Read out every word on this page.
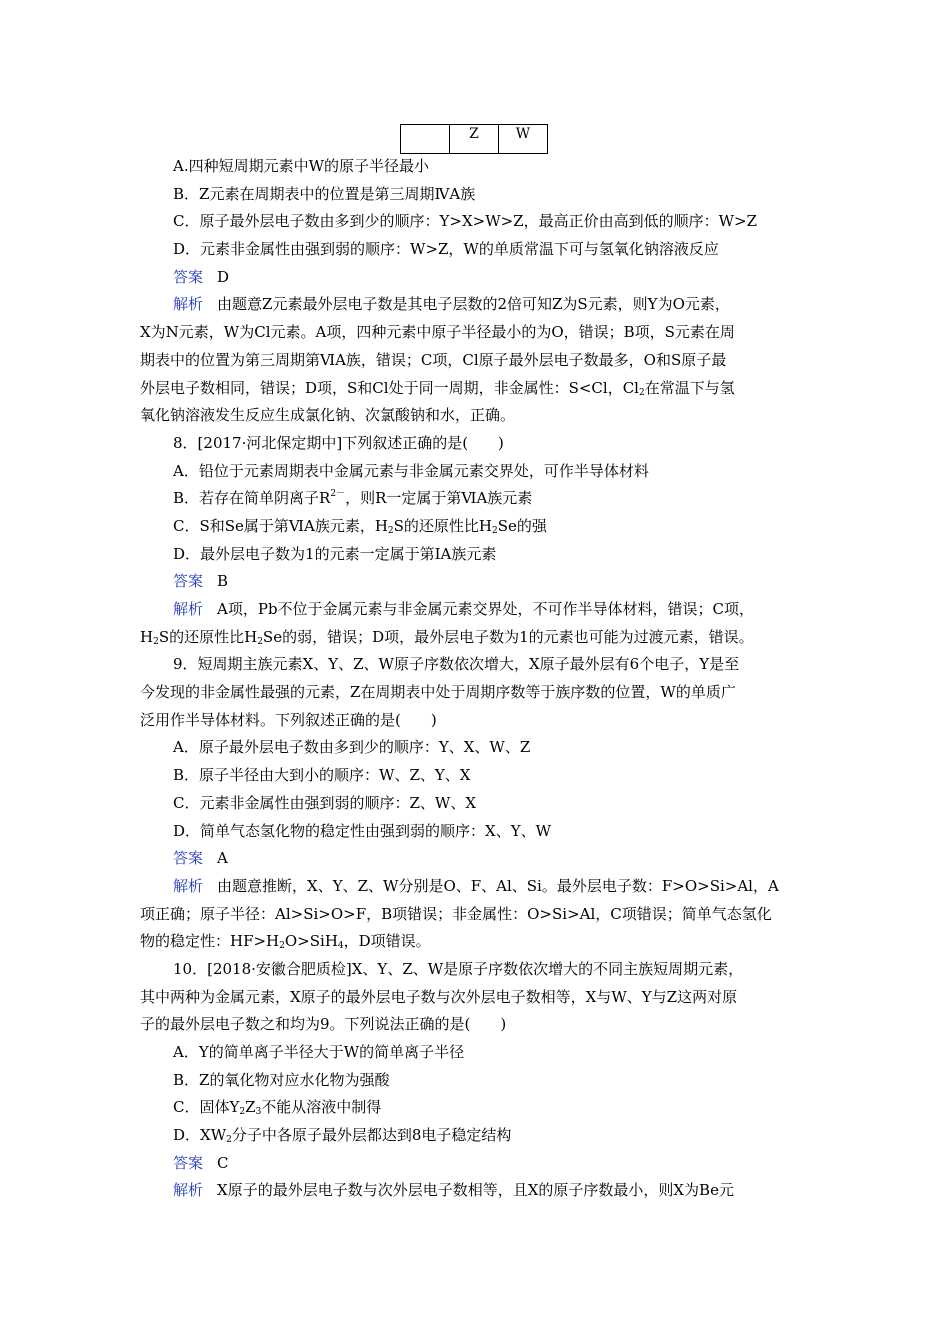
	Z	W
A.四种短周期元素中W的原子半径最小
B．Z元素在周期表中的位置是第三周期ⅣA族
C．原子最外层电子数由多到少的顺序：Y>X>W>Z，最高正价由高到低的顺序：W>Z
D．元素非金属性由强到弱的顺序：W>Z，W的单质常温下可与氢氧化钠溶液反应
答案 D
解析 由题意Z元素最外层电子数是其电子层数的2倍可知Z为S元素，则Y为O元素，
X为N元素，W为Cl元素。A项，四种元素中原子半径最小的为O，错误；B项，S元素在周
期表中的位置为第三周期第ⅥA族，错误；C项，Cl原子最外层电子数最多，O和S原子最
外层电子数相同，错误；D项，S和Cl处于同一周期，非金属性：S<Cl，$Cl_2$在常温下与氢
氧化钠溶液发生反应生成氯化钠、次氯酸钠和水，正确。
8．[2017·河北保定期中]下列叙述正确的是(　　)
A．铅位于元素周期表中金属元素与非金属元素交界处，可作半导体材料
B．若存在简单阴离子$R^{2-}$，则R一定属于第ⅥA族元素
C．S和Se属于第ⅥA族元素，$H_2S$的还原性比$H_2Se$的强
D．最外层电子数为1的元素一定属于第ⅠA族元素
答案 B
解析 A项，Pb不位于金属元素与非金属元素交界处，不可作半导体材料，错误；C项，
$H_2S$的还原性比$H_2Se$的弱，错误；D项，最外层电子数为1的元素也可能为过渡元素，错误。
9．短周期主族元素X、Y、Z、W原子序数依次增大，X原子最外层有6个电子，Y是至
今发现的非金属性最强的元素，Z在周期表中处于周期序数等于族序数的位置，W的单质广
泛用作半导体材料。下列叙述正确的是(　　)
A．原子最外层电子数由多到少的顺序：Y、X、W、Z
B．原子半径由大到小的顺序：W、Z、Y、X
C．元素非金属性由强到弱的顺序：Z、W、X
D．简单气态氢化物的稳定性由强到弱的顺序：X、Y、W
答案 A
解析 由题意推断，X、Y、Z、W分别是O、F、Al、Si。最外层电子数：F>O>Si>Al，A
项正确；原子半径：Al>Si>O>F，B项错误；非金属性：O>Si>Al，C项错误；简单气态氢化
物的稳定性：$HF>H_2O>SiH_4$，D项错误。
10．[2018·安徽合肥质检]X、Y、Z、W是原子序数依次增大的不同主族短周期元素，
其中两种为金属元素，X原子的最外层电子数与次外层电子数相等，X与W、Y与Z这两对原
子的最外层电子数之和均为9。下列说法正确的是(　　)
A．Y的简单离子半径大于W的简单离子半径
B．Z的氧化物对应水化物为强酸
C．固体$Y_2Z_3$不能从溶液中制得
D．$XW_2$分子中各原子最外层都达到8电子稳定结构
答案 C
解析 X原子的最外层电子数与次外层电子数相等，且X的原子序数最小，则X为Be元
